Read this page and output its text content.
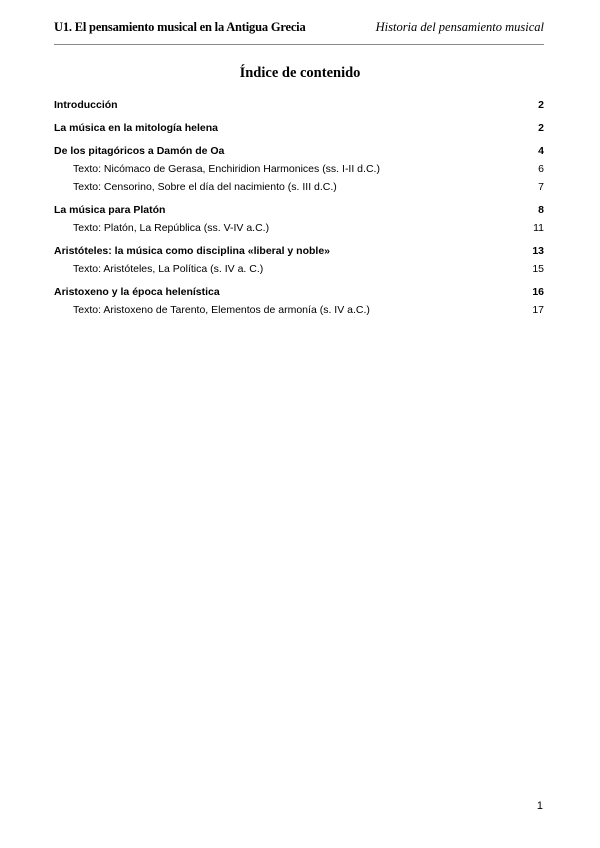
U1. El pensamiento musical en la Antigua Grecia	Historia del pensamiento musical
Índice de contenido
Introducción	2
La música en la mitología helena	2
De los pitagóricos a Damón de Oa	4
Texto: Nicómaco de Gerasa, Enchiridion Harmonices (ss. I-II d.C.)	6
Texto: Censorino, Sobre el día del nacimiento (s. III d.C.)	7
La música para Platón	8
Texto: Platón, La República (ss. V-IV a.C.)	11
Aristóteles: la música como disciplina «liberal y noble»	13
Texto: Aristóteles, La Política (s. IV a. C.)	15
Aristoxeno y la época helenística	16
Texto: Aristoxeno de Tarento, Elementos de armonía (s. IV a.C.)	17
1
